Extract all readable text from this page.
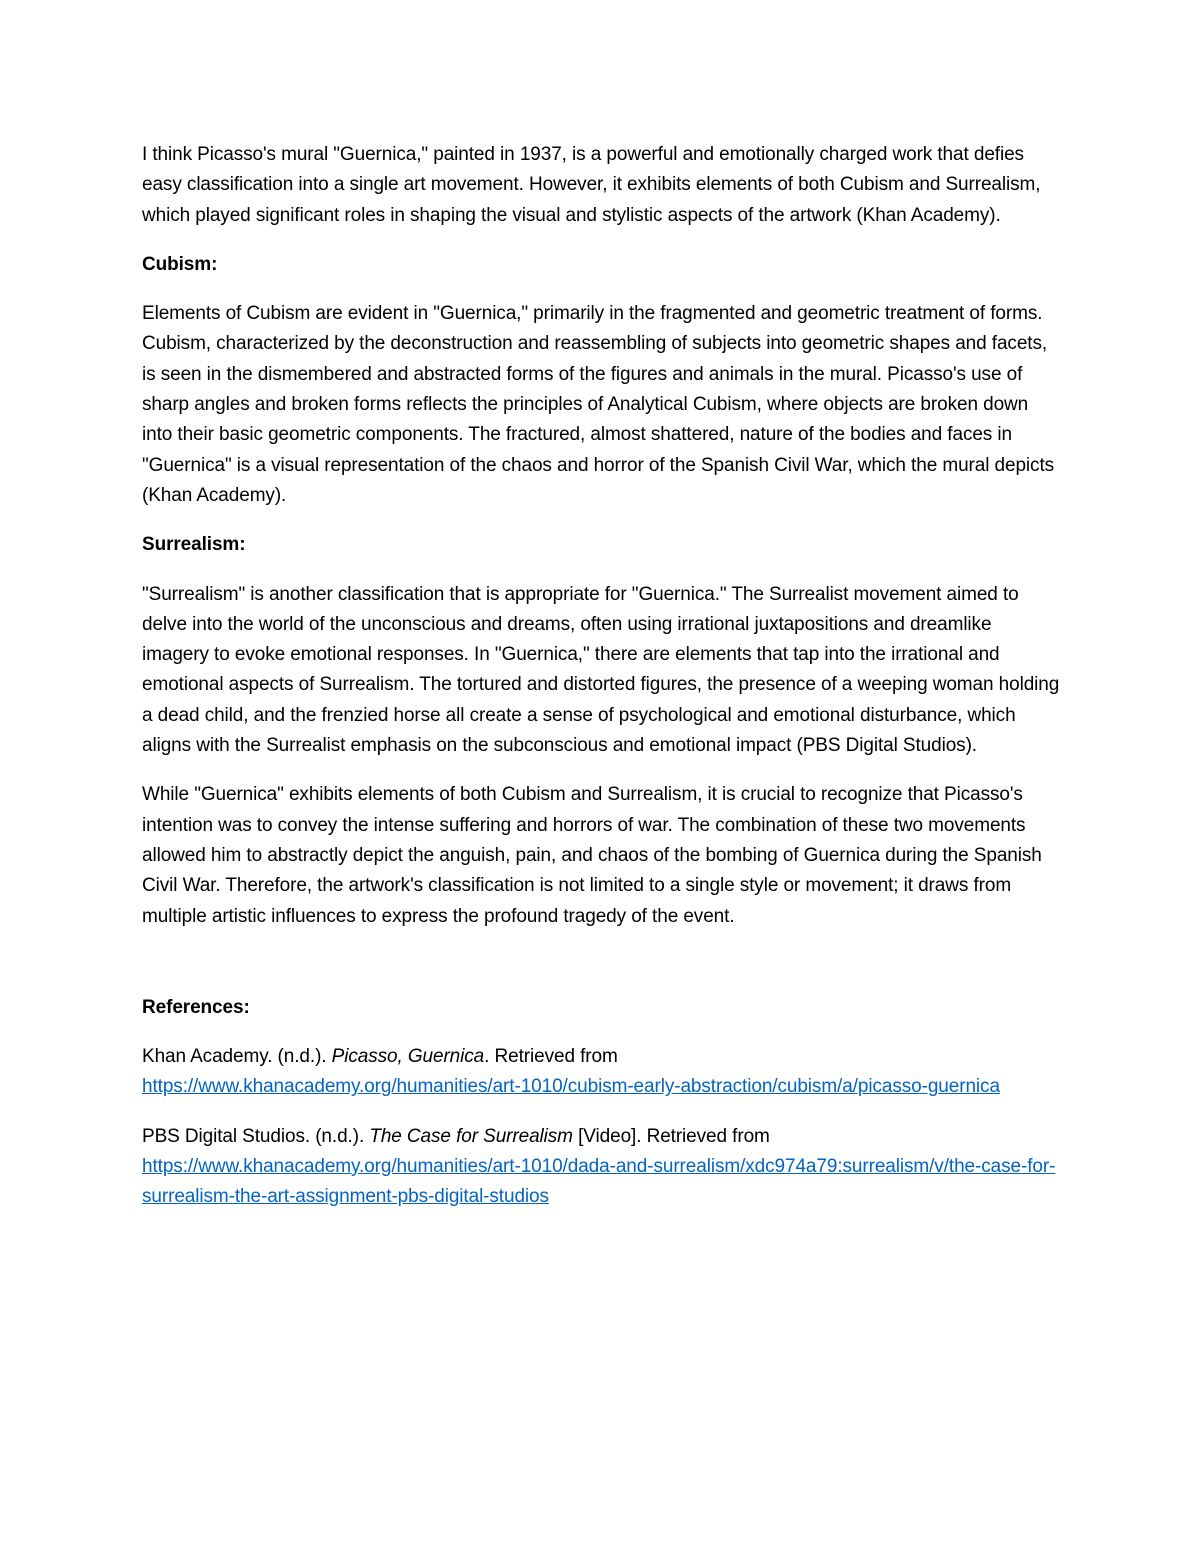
I think Picasso's mural "Guernica," painted in 1937, is a powerful and emotionally charged work that defies easy classification into a single art movement. However, it exhibits elements of both Cubism and Surrealism, which played significant roles in shaping the visual and stylistic aspects of the artwork (Khan Academy).

Cubism:

Elements of Cubism are evident in "Guernica," primarily in the fragmented and geometric treatment of forms. Cubism, characterized by the deconstruction and reassembling of subjects into geometric shapes and facets, is seen in the dismembered and abstracted forms of the figures and animals in the mural. Picasso's use of sharp angles and broken forms reflects the principles of Analytical Cubism, where objects are broken down into their basic geometric components. The fractured, almost shattered, nature of the bodies and faces in "Guernica" is a visual representation of the chaos and horror of the Spanish Civil War, which the mural depicts (Khan Academy).

Surrealism:

"Surrealism" is another classification that is appropriate for "Guernica." The Surrealist movement aimed to delve into the world of the unconscious and dreams, often using irrational juxtapositions and dreamlike imagery to evoke emotional responses. In "Guernica," there are elements that tap into the irrational and emotional aspects of Surrealism. The tortured and distorted figures, the presence of a weeping woman holding a dead child, and the frenzied horse all create a sense of psychological and emotional disturbance, which aligns with the Surrealist emphasis on the subconscious and emotional impact (PBS Digital Studios).

While "Guernica" exhibits elements of both Cubism and Surrealism, it is crucial to recognize that Picasso's intention was to convey the intense suffering and horrors of war. The combination of these two movements allowed him to abstractly depict the anguish, pain, and chaos of the bombing of Guernica during the Spanish Civil War. Therefore, the artwork's classification is not limited to a single style or movement; it draws from multiple artistic influences to express the profound tragedy of the event.

References:
Khan Academy. (n.d.). Picasso, Guernica. Retrieved from
https://www.khanacademy.org/humanities/art-1010/cubism-early-abstraction/cubism/a/picasso-guernica
PBS Digital Studios. (n.d.). The Case for Surrealism [Video]. Retrieved from
https://www.khanacademy.org/humanities/art-1010/dada-and-surrealism/xdc974a79:surrealism/v/the-case-for-surrealism-the-art-assignment-pbs-digital-studios
